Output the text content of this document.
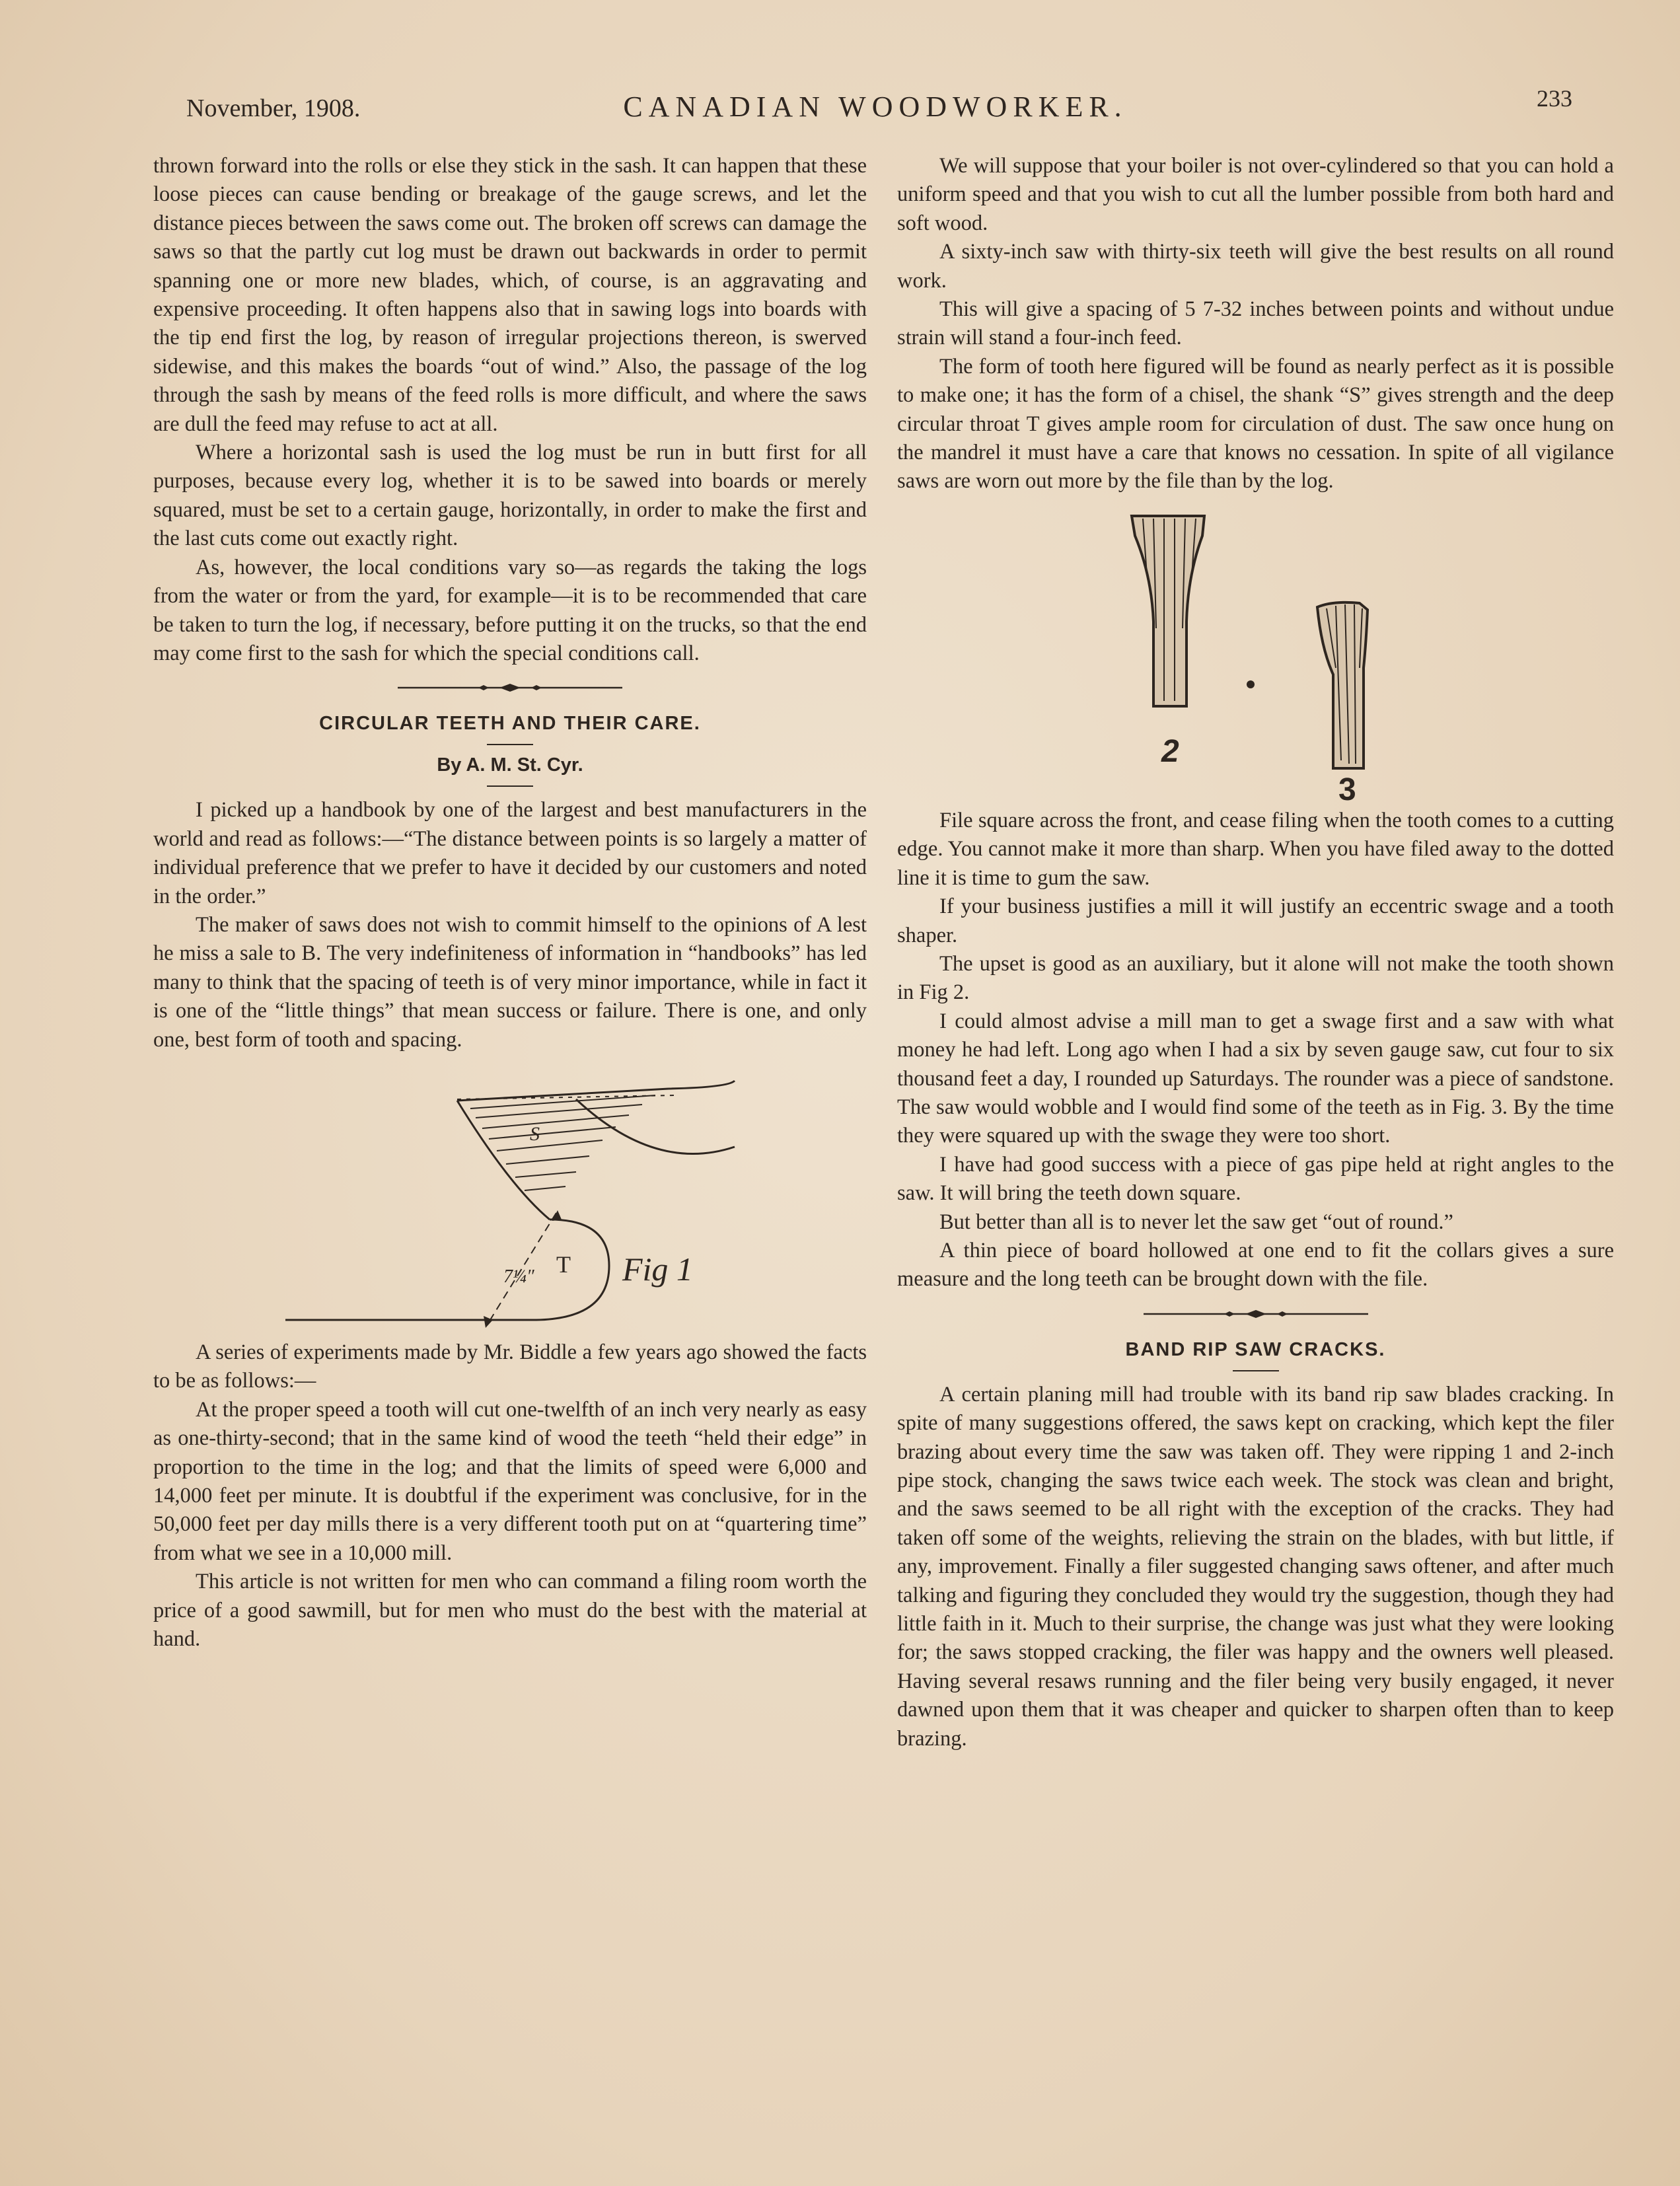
November, 1908.	CANADIAN WOODWORKER.	233

thrown forward into the rolls or else they stick in the sash. It can happen that these loose pieces can cause bending or breakage of the gauge screws, and let the distance pieces between the saws come out. The broken off screws can damage the saws so that the partly cut log must be drawn out backwards in order to permit spanning one or more new blades, which, of course, is an aggravating and expensive proceeding. It often happens also that in sawing logs into boards with the tip end first the log, by reason of irregular projections thereon, is swerved sidewise, and this makes the boards “out of wind.” Also, the passage of the log through the sash by means of the feed rolls is more difficult, and where the saws are dull the feed may refuse to act at all.

Where a horizontal sash is used the log must be run in butt first for all purposes, because every log, whether it is to be sawed into boards or merely squared, must be set to a certain gauge, horizontally, in order to make the first and the last cuts come out exactly right.

As, however, the local conditions vary so—as regards the taking the logs from the water or from the yard, for example—it is to be recommended that care be taken to turn the log, if necessary, before putting it on the trucks, so that the end may come first to the sash for which the special conditions call.

CIRCULAR TEETH AND THEIR CARE.
By A. M. St. Cyr.

I picked up a handbook by one of the largest and best manufacturers in the world and read as follows:—“The distance between points is so largely a matter of individual preference that we prefer to have it decided by our customers and noted in the order.”

The maker of saws does not wish to commit himself to the opinions of A lest he miss a sale to B. The very indefiniteness of information in “handbooks” has led many to think that the spacing of teeth is of very minor importance, while in fact it is one of the “little things” that mean success or failure. There is one, and only one, best form of tooth and spacing.

S
T
7¼″	Fig 1

A series of experiments made by Mr. Biddle a few years ago showed the facts to be as follows:—

At the proper speed a tooth will cut one-twelfth of an inch very nearly as easy as one-thirty-second; that in the same kind of wood the teeth “held their edge” in proportion to the time in the log; and that the limits of speed were 6,000 and 14,000 feet per minute. It is doubtful if the experiment was conclusive, for in the 50,000 feet per day mills there is a very different tooth put on at “quartering time” from what we see in a 10,000 mill.

This article is not written for men who can command a filing room worth the price of a good sawmill, but for men who must do the best with the material at hand.

We will suppose that your boiler is not over-cylindered so that you can hold a uniform speed and that you wish to cut all the lumber possible from both hard and soft wood.

A sixty-inch saw with thirty-six teeth will give the best results on all round work.

This will give a spacing of 5 7-32 inches between points and without undue strain will stand a four-inch feed.

The form of tooth here figured will be found as nearly perfect as it is possible to make one; it has the form of a chisel, the shank “S” gives strength and the deep circular throat T gives ample room for circulation of dust. The saw once hung on the mandrel it must have a care that knows no cessation. In spite of all vigilance saws are worn out more by the file than by the log.

2
3

File square across the front, and cease filing when the tooth comes to a cutting edge. You cannot make it more than sharp. When you have filed away to the dotted line it is time to gum the saw.

If your business justifies a mill it will justify an eccentric swage and a tooth shaper.

The upset is good as an auxiliary, but it alone will not make the tooth shown in Fig 2.

I could almost advise a mill man to get a swage first and a saw with what money he had left. Long ago when I had a six by seven gauge saw, cut four to six thousand feet a day, I rounded up Saturdays. The rounder was a piece of sandstone. The saw would wobble and I would find some of the teeth as in Fig. 3. By the time they were squared up with the swage they were too short.

I have had good success with a piece of gas pipe held at right angles to the saw. It will bring the teeth down square.

But better than all is to never let the saw get “out of round.”

A thin piece of board hollowed at one end to fit the collars gives a sure measure and the long teeth can be brought down with the file.

BAND RIP SAW CRACKS.

A certain planing mill had trouble with its band rip saw blades cracking. In spite of many suggestions offered, the saws kept on cracking, which kept the filer brazing about every time the saw was taken off. They were ripping 1 and 2-inch pipe stock, changing the saws twice each week. The stock was clean and bright, and the saws seemed to be all right with the exception of the cracks. They had taken off some of the weights, relieving the strain on the blades, with but little, if any, improvement. Finally a filer suggested changing saws oftener, and after much talking and figuring they concluded they would try the suggestion, though they had little faith in it. Much to their surprise, the change was just what they were looking for; the saws stopped cracking, the filer was happy and the owners well pleased. Having several resaws running and the filer being very busily engaged, it never dawned upon them that it was cheaper and quicker to sharpen often than to keep brazing.
